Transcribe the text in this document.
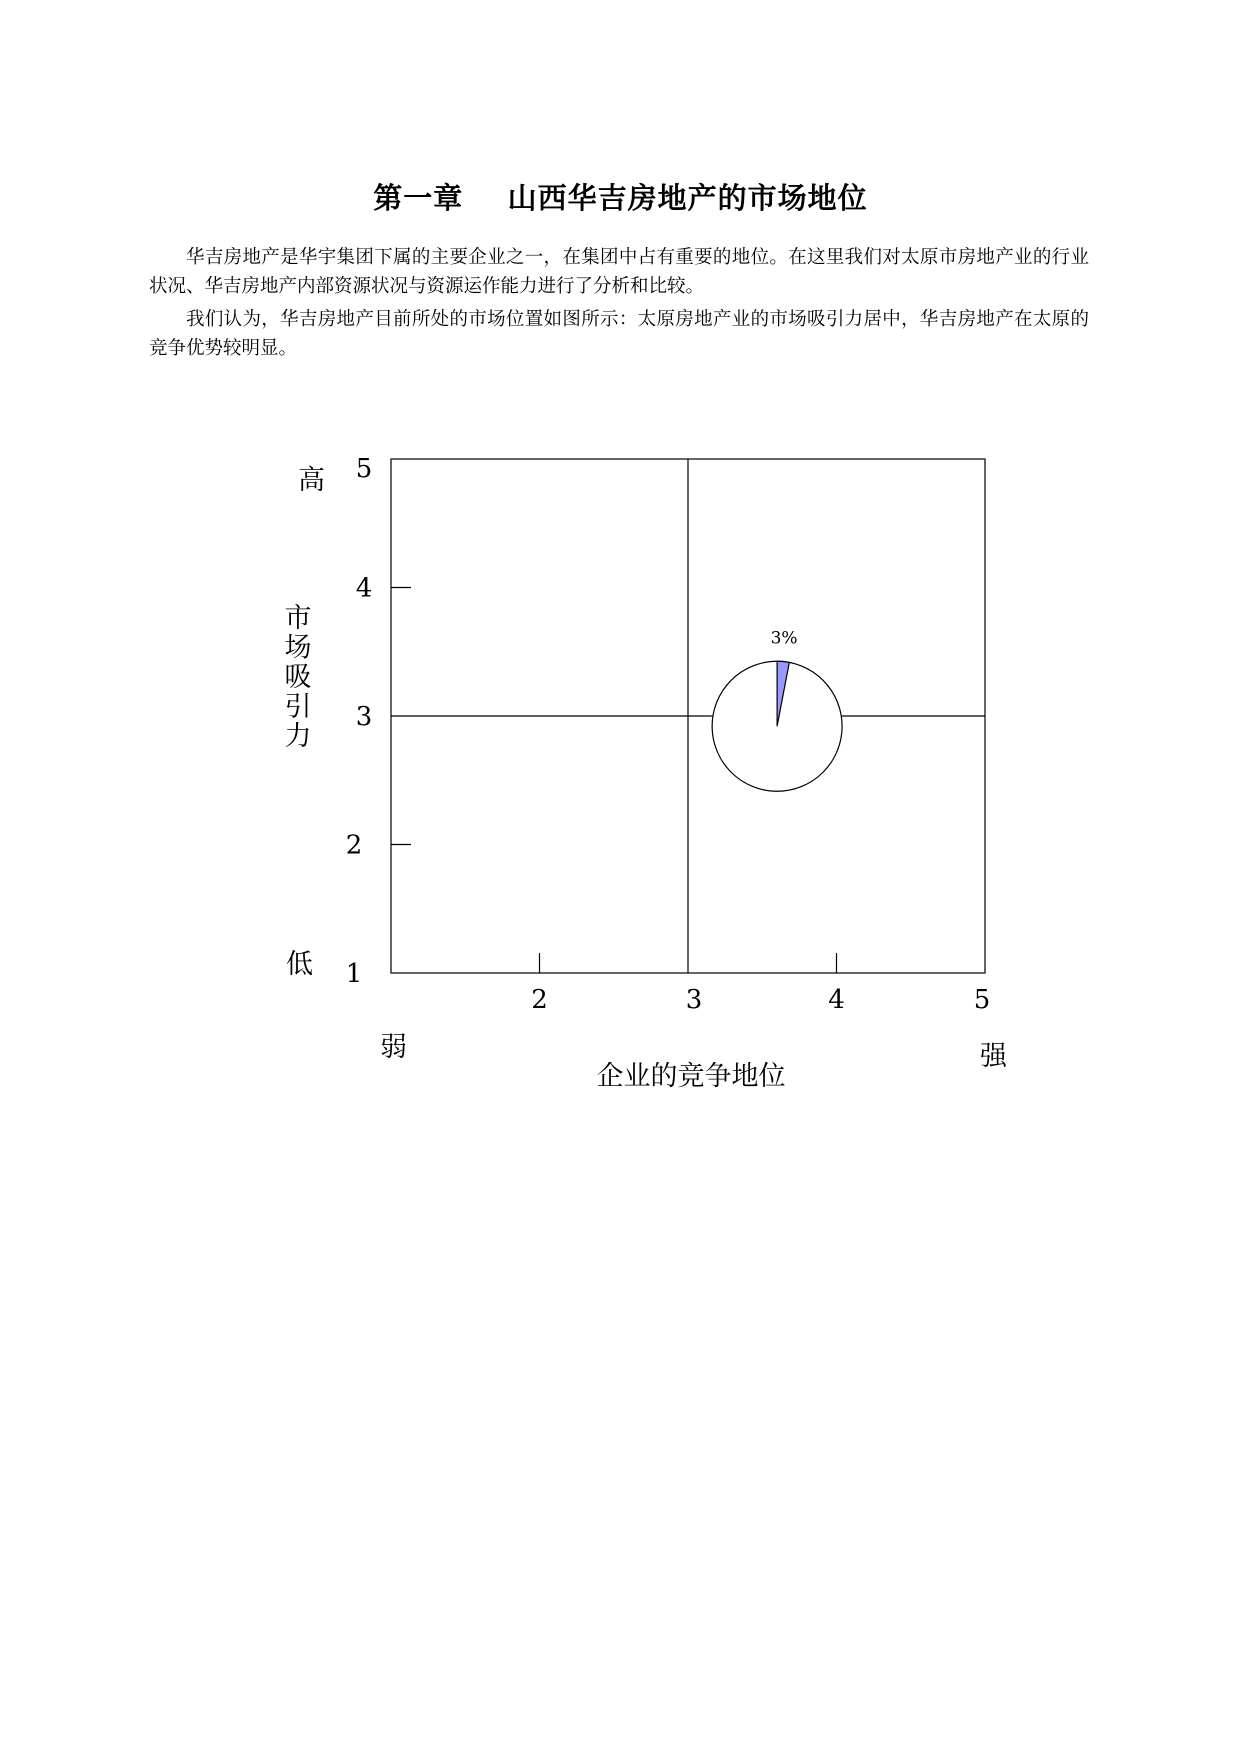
第一章    山西华吉房地产的市场地位
华吉房地产是华宇集团下属的主要企业之一，在集团中占有重要的地位。在这里我们对太原市房地产业的行业状况、华吉房地产内部资源状况与资源运作能力进行了分析和比较。
我们认为，华吉房地产目前所处的市场位置如图所示：太原房地产业的市场吸引力居中，华吉房地产在太原的竞争优势较明显。
2	3	4	5
1
2
3
4
5
3%
高
低
弱	强
企业的竞争地位
市
场
吸
引
力
